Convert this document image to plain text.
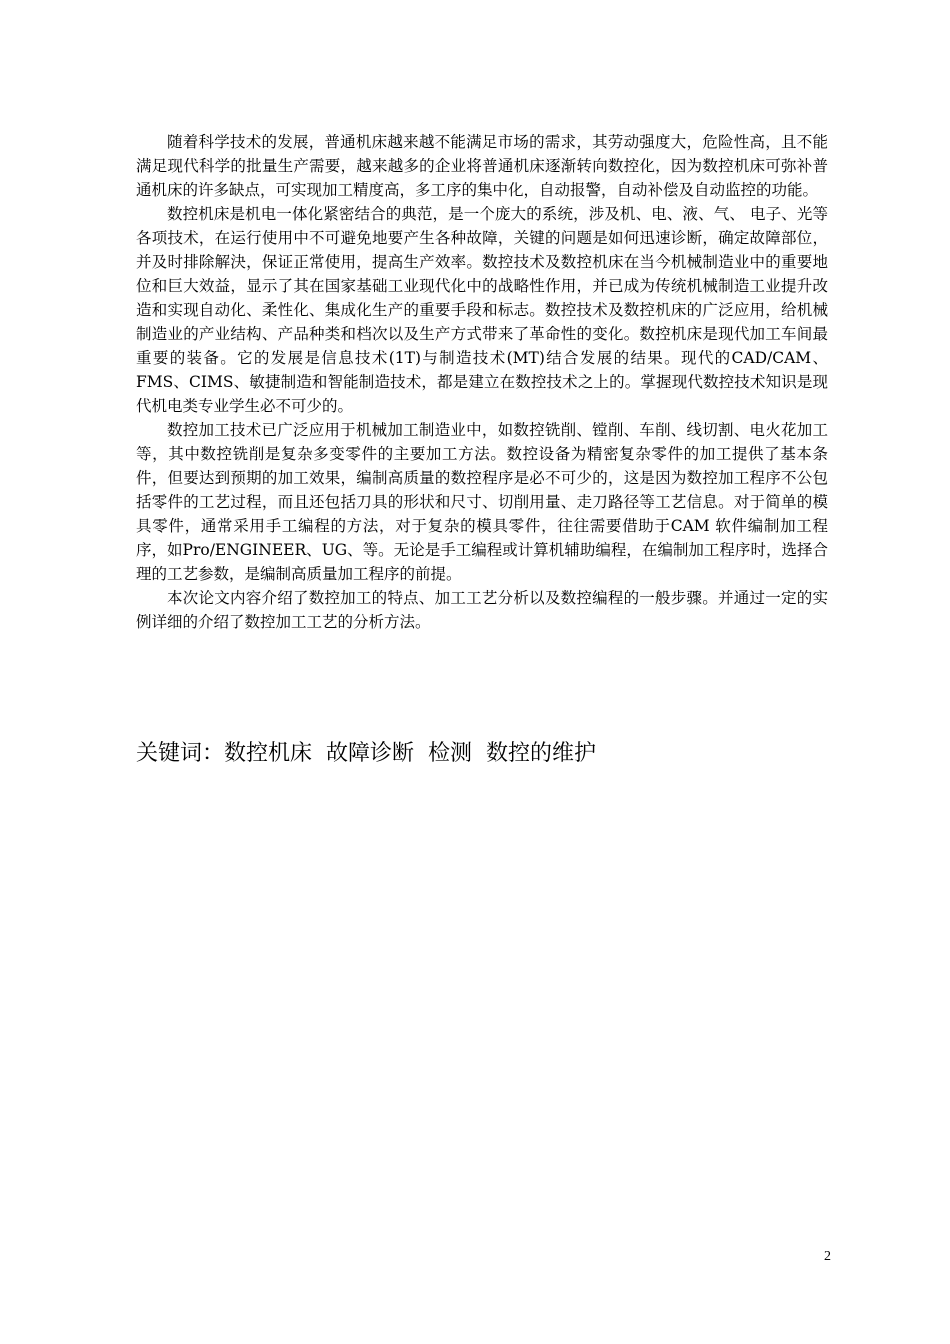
随着科学技术的发展，普通机床越来越不能满足市场的需求，其劳动强度大，危险性高，且不能满足现代科学的批量生产需要，越来越多的企业将普通机床逐渐转向数控化，因为数控机床可弥补普通机床的许多缺点，可实现加工精度高，多工序的集中化，自动报警，自动补偿及自动监控的功能。

数控机床是机电一体化紧密结合的典范，是一个庞大的系统，涉及机、电、液、气、 电子、光等各项技术，在运行使用中不可避免地要产生各种故障，关键的问题是如何迅速诊断，确定故障部位，并及时排除解決，保证正常使用，提高生产效率。数控技术及数控机床在当今机械制造业中的重要地位和巨大效益，显示了其在国家基础工业现代化中的战略性作用，并已成为传统机械制造工业提升改造和实现自动化、柔性化、集成化生产的重要手段和标志。数控技术及数控机床的广泛应用，给机械制造业的产业结构、产品种类和档次以及生产方式带来了革命性的变化。数控机床是现代加工车间最重要的装备。它的发展是信息技术(1T)与制造技术(MT)结合发展的结果。现代的CAD/CAM、FMS、CIMS、敏捷制造和智能制造技术，都是建立在数控技术之上的。掌握现代数控技术知识是现代机电类专业学生必不可少的。

数控加工技术已广泛应用于机械加工制造业中，如数控铣削、镗削、车削、线切割、电火花加工等，其中数控铣削是复杂多变零件的主要加工方法。数控设备为精密复杂零件的加工提供了基本条件，但要达到预期的加工效果，编制高质量的数控程序是必不可少的，这是因为数控加工程序不公包括零件的工艺过程，而且还包括刀具的形状和尺寸、切削用量、走刀路径等工艺信息。对于简单的模具零件，通常采用手工编程的方法，对于复杂的模具零件，往往需要借助于CAM 软件编制加工程序，如Pro/ENGINEER、UG、等。无论是手工编程或计算机辅助编程，在编制加工程序时，选择合理的工艺参数，是编制高质量加工程序的前提。

本次论文内容介绍了数控加工的特点、加工工艺分析以及数控编程的一般步骤。并通过一定的实例详细的介绍了数控加工工艺的分析方法。

关键词：数控机床  故障诊断  检测  数控的维护
2
